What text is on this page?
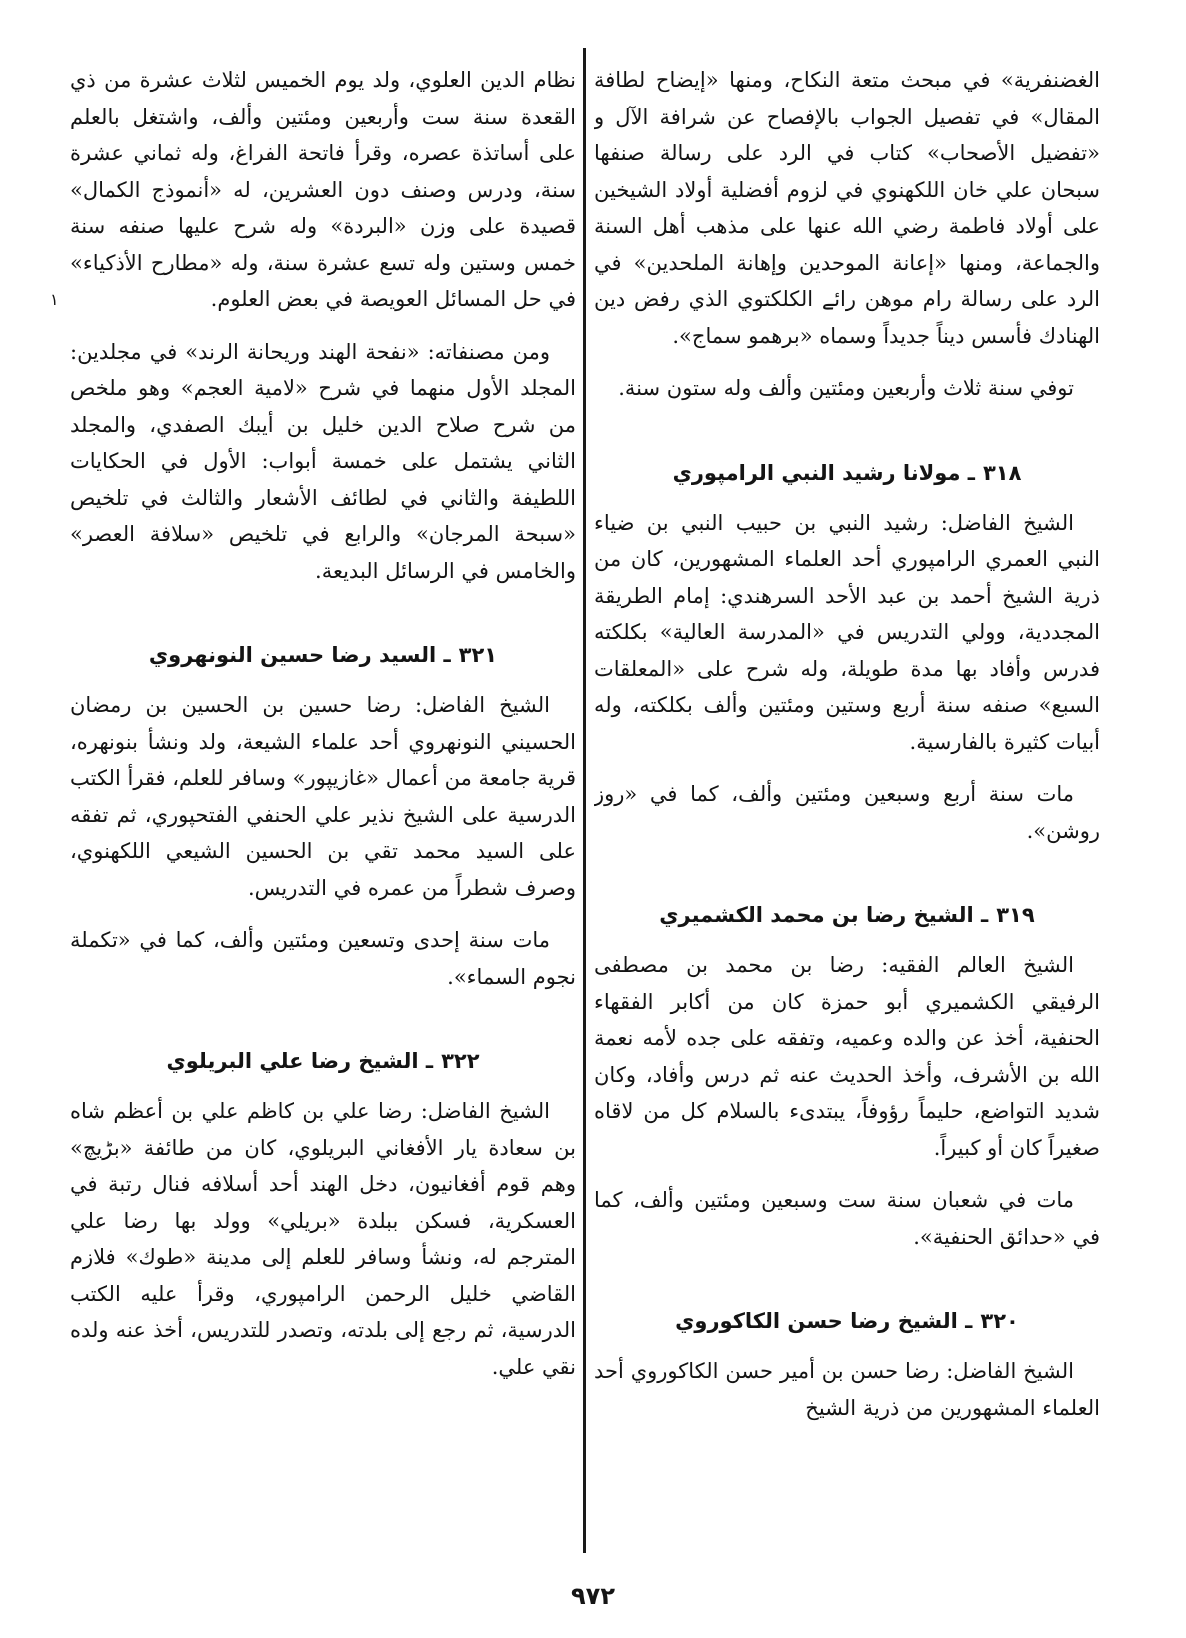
١

الغضنفرية» في مبحث متعة النكاح، ومنها «إيضاح لطافة المقال» في تفصيل الجواب بالإفصاح عن شرافة الآل و «تفضيل الأصحاب» كتاب في الرد على رسالة صنفها سبحان علي خان اللكهنوي في لزوم أفضلية أولاد الشيخين على أولاد فاطمة رضي الله عنها على مذهب أهل السنة والجماعة، ومنها «إعانة الموحدين وإهانة الملحدين» في الرد على رسالة رام موهن رائے الكلكتوي الذي رفض دين الهنادك فأسس ديناً جديداً وسماه «برهمو سماج».

توفي سنة ثلاث وأربعين ومئتين وألف وله ستون سنة.

٣١٨ـ مولانا رشيد النبي الرامپوري

الشيخ الفاضل: رشيد النبي بن حبيب النبي بن ضياء النبي العمري الرامپوري أحد العلماء المشهورين، كان من ذرية الشيخ أحمد بن عبد الأحد السرهندي: إمام الطريقة المجددية، وولي التدريس في «المدرسة العالية» بكلكته فدرس وأفاد بها مدة طويلة، وله شرح على «المعلقات السبع» صنفه سنة أربع وستين ومئتين وألف بكلكته، وله أبيات كثيرة بالفارسية.

مات سنة أربع وسبعين ومئتين وألف، كما في «روز روشن».

٣١٩ـ الشيخ رضا بن محمد الكشميري

الشيخ العالم الفقيه: رضا بن محمد بن مصطفى الرفيقي الكشميري أبو حمزة كان من أكابر الفقهاء الحنفية، أخذ عن والده وعميه، وتفقه على جده لأمه نعمة الله بن الأشرف، وأخذ الحديث عنه ثم درس وأفاد، وكان شديد التواضع، حليماً رؤوفاً، يبتدىء بالسلام كل من لاقاه صغيراً كان أو كبيراً.

مات في شعبان سنة ست وسبعين ومئتين وألف، كما في «حدائق الحنفية».

٣٢٠ـ الشيخ رضا حسن الكاكوروي

الشيخ الفاضل: رضا حسن بن أمير حسن الكاكوروي أحد العلماء المشهورين من ذرية الشيخ

نظام الدين العلوي، ولد يوم الخميس لثلاث عشرة من ذي القعدة سنة ست وأربعين ومئتين وألف، واشتغل بالعلم على أساتذة عصره، وقرأ فاتحة الفراغ، وله ثماني عشرة سنة، ودرس وصنف دون العشرين، له «أنموذج الكمال» قصيدة على وزن «البردة» وله شرح عليها صنفه سنة خمس وستين وله تسع عشرة سنة، وله «مطارح الأذكياء» في حل المسائل العويصة في بعض العلوم.

ومن مصنفاته: «نفحة الهند وريحانة الرند» في مجلدين: المجلد الأول منهما في شرح «لامية العجم» وهو ملخص من شرح صلاح الدين خليل بن أيبك الصفدي، والمجلد الثاني يشتمل على خمسة أبواب: الأول في الحكايات اللطيفة والثاني في لطائف الأشعار والثالث في تلخيص «سبحة المرجان» والرابع في تلخيص «سلافة العصر» والخامس في الرسائل البديعة.

٣٢١ـ السيد رضا حسين النونهروي

الشيخ الفاضل: رضا حسين بن الحسين بن رمضان الحسيني النونهروي أحد علماء الشيعة، ولد ونشأ بنونهره، قرية جامعة من أعمال «غازيپور» وسافر للعلم، فقرأ الكتب الدرسية على الشيخ نذير علي الحنفي الفتحپوري، ثم تفقه على السيد محمد تقي بن الحسين الشيعي اللكهنوي، وصرف شطراً من عمره في التدريس.

مات سنة إحدى وتسعين ومئتين وألف، كما في «تكملة نجوم السماء».

٣٢٢ـ الشيخ رضا علي البريلوي

الشيخ الفاضل: رضا علي بن كاظم علي بن أعظم شاه بن سعادة يار الأفغاني البريلوي، كان من طائفة «بڑيچ» وهم قوم أفغانيون، دخل الهند أحد أسلافه فنال رتبة في العسكرية، فسكن ببلدة «بريلي» وولد بها رضا علي المترجم له، ونشأ وسافر للعلم إلى مدينة «طوك» فلازم القاضي خليل الرحمن الرامپوري، وقرأ عليه الكتب الدرسية، ثم رجع إلى بلدته، وتصدر للتدريس، أخذ عنه ولده نقي علي.

٩٧٢
